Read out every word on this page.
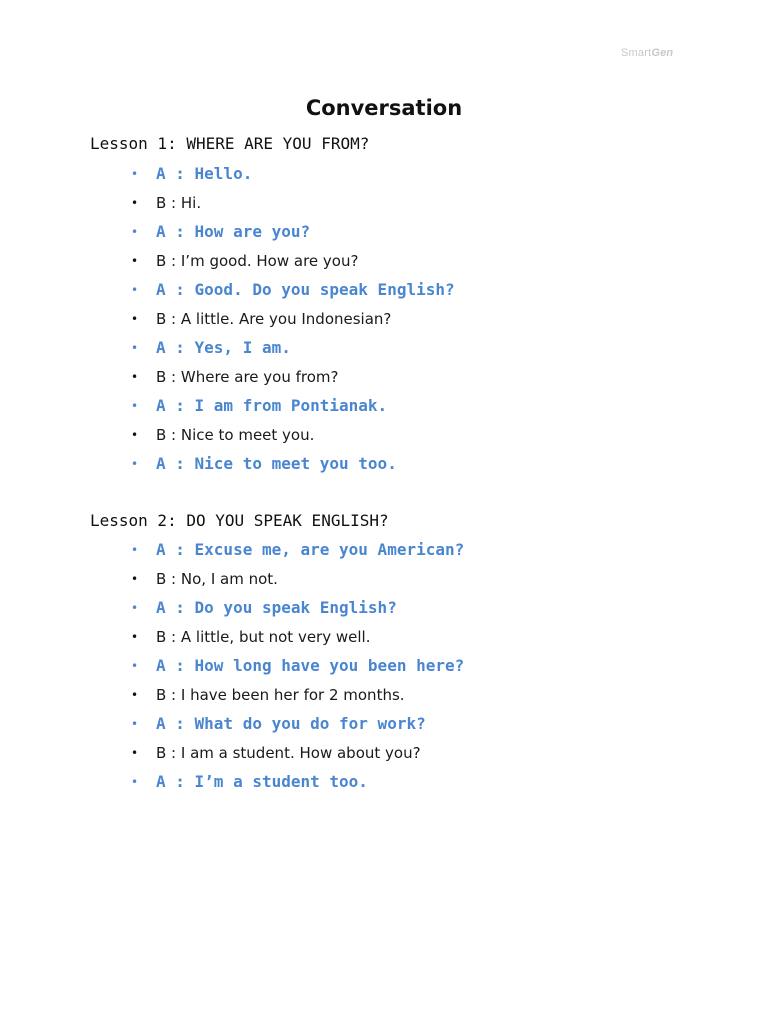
SmartGen
Conversation
Lesson 1: WHERE ARE YOU FROM?
•	A : Hello.
•	B : Hi.
•	A : How are you?
•	B : I’m good. How are you?
•	A : Good. Do you speak English?
•	B : A little. Are you Indonesian?
•	A : Yes, I am.
•	B : Where are you from?
•	A : I am from Pontianak.
•	B : Nice to meet you.
•	A : Nice to meet you too.
Lesson 2: DO YOU SPEAK ENGLISH?
•	A : Excuse me, are you American?
•	B : No, I am not.
•	A : Do you speak English?
•	B : A little, but not very well.
•	A : How long have you been here?
•	B : I have been her for 2 months.
•	A : What do you do for work?
•	B : I am a student. How about you?
•	A : I’m a student too.
